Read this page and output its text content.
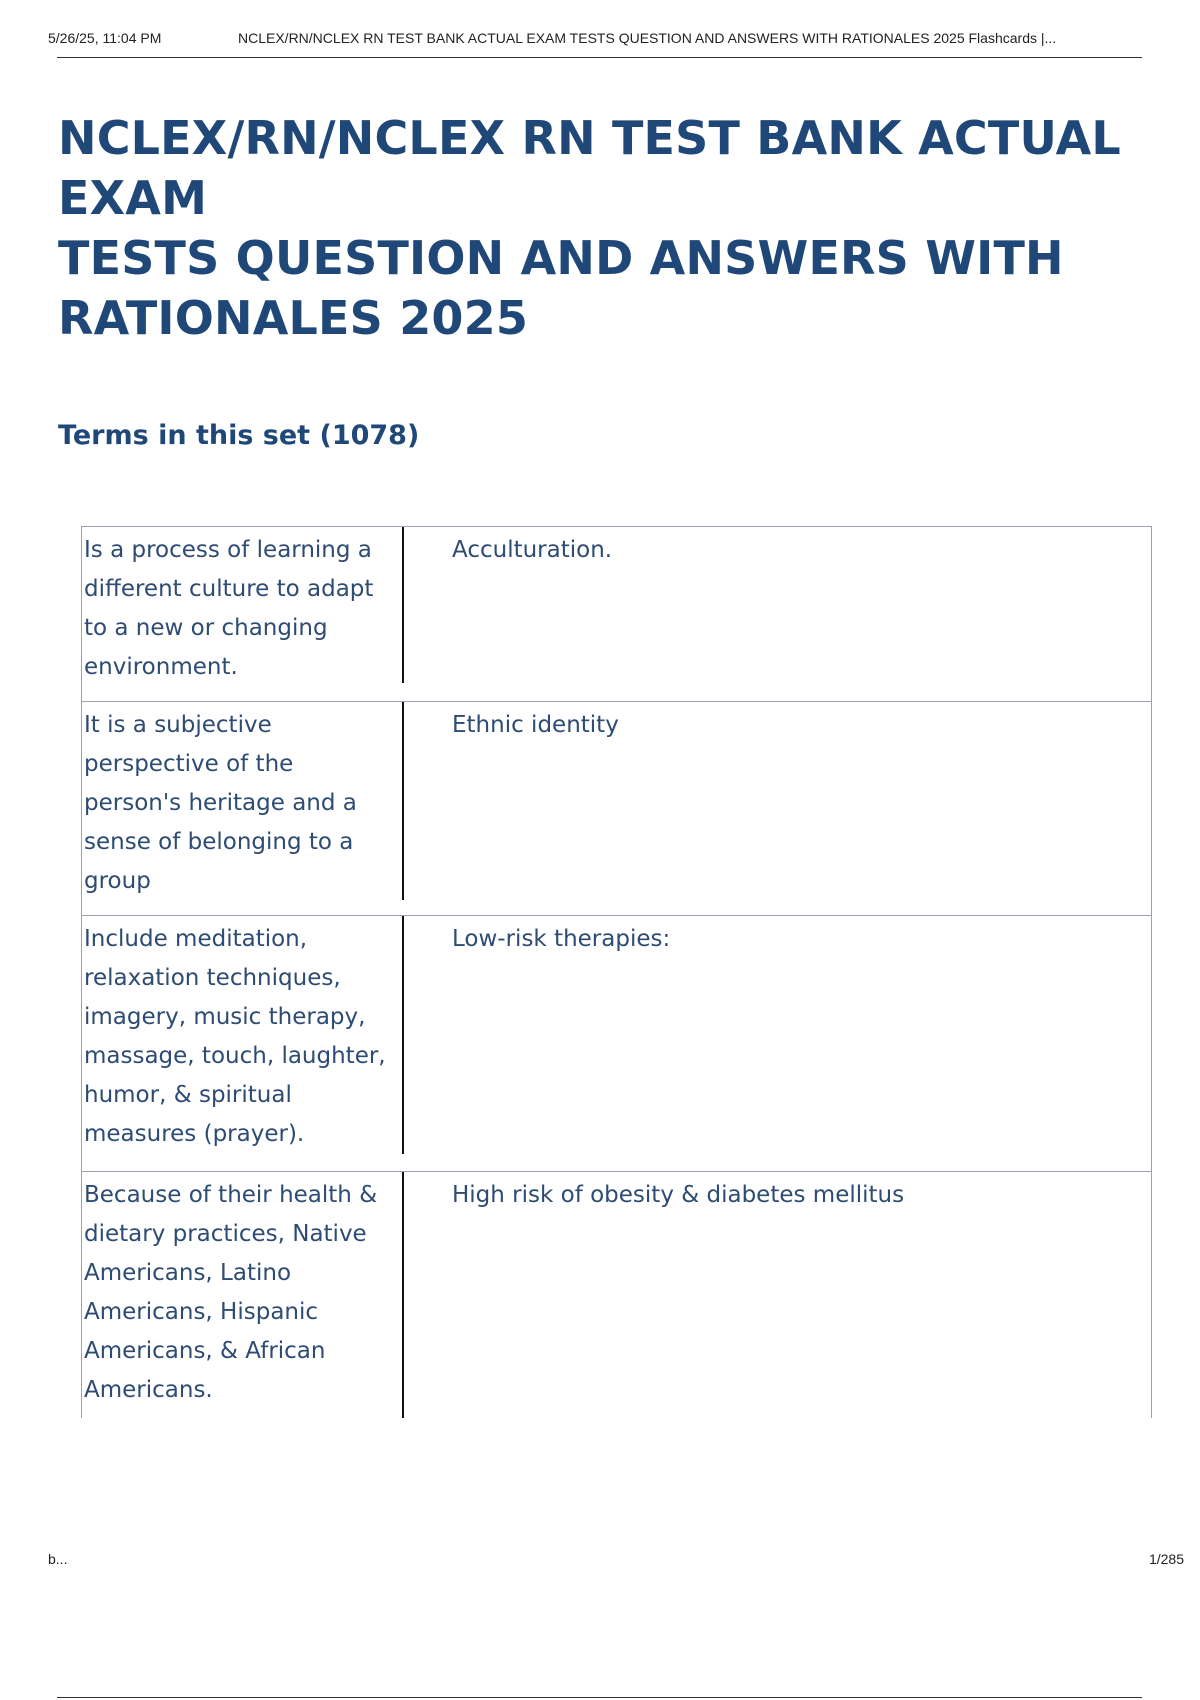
5/26/25, 11:04 PM	NCLEX/RN/NCLEX RN TEST BANK ACTUAL EXAM TESTS QUESTION AND ANSWERS WITH RATIONALES 2025 Flashcards |...
NCLEX/RN/NCLEX RN TEST BANK ACTUAL EXAM
TESTS QUESTION AND ANSWERS WITH
RATIONALES 2025
Terms in this set (1078)
Is a process of learning a
different culture to adapt
to a new or changing
environment.
Acculturation.
It is a subjective
perspective of the
person's heritage and a
sense of belonging to a
group
Ethnic identity
Include meditation,
relaxation techniques,
imagery, music therapy,
massage, touch, laughter,
humor, & spiritual
measures (prayer).
Low-risk therapies:
Because of their health &
dietary practices, Native
Americans, Latino
Americans, Hispanic
Americans, & African
Americans.
High risk of obesity & diabetes mellitus
b...	1/285
